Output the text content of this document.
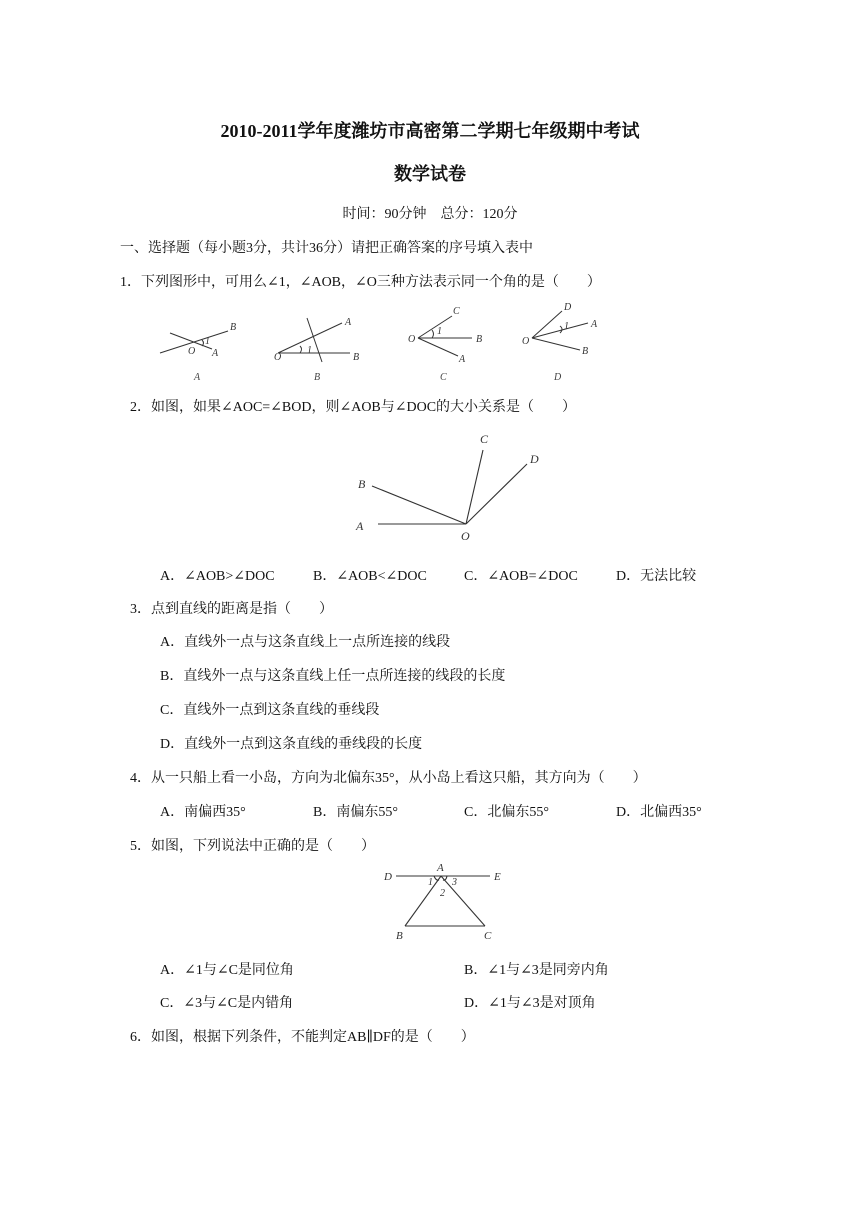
2010-2011学年度潍坊市高密第二学期七年级期中考试
数学试卷
时间：90分钟　总分：120分
一、选择题（每小题3分，共计36分）请把正确答案的序号填入表中
1．下列图形中，可用么∠1，∠AOB，∠O三种方法表示同一个角的是（　　）
B
O
1
A	O
A
B
1
O
C
1
B
A
O
D
1 A
B
A	B	C	D
2．如图，如果∠AOC=∠BOD，则∠AOB与∠DOC的大小关系是（　　）
A
B
C
D
O
A．∠AOB>∠DOC	B．∠AOB<∠DOC	C．∠AOB=∠DOC	D．无法比较
3．点到直线的距离是指（　　）
A．直线外一点与这条直线上一点所连接的线段
B．直线外一点与这条直线上任一点所连接的线段的长度
C．直线外一点到这条直线的垂线段
D．直线外一点到这条直线的垂线段的长度
4．从一只船上看一小岛，方向为北偏东35°，从小岛上看这只船，其方向为（　　）
A．南偏西35°	B．南偏东55°	C．北偏东55°	D．北偏西35°
5．如图，下列说法中正确的是（　　）
D	E
A
B	C
1
2
3
A．∠1与∠C是同位角	B．∠1与∠3是同旁内角
C．∠3与∠C是内错角	D．∠1与∠3是对顶角
6．如图，根据下列条件，不能判定AB∥DF的是（　　）
